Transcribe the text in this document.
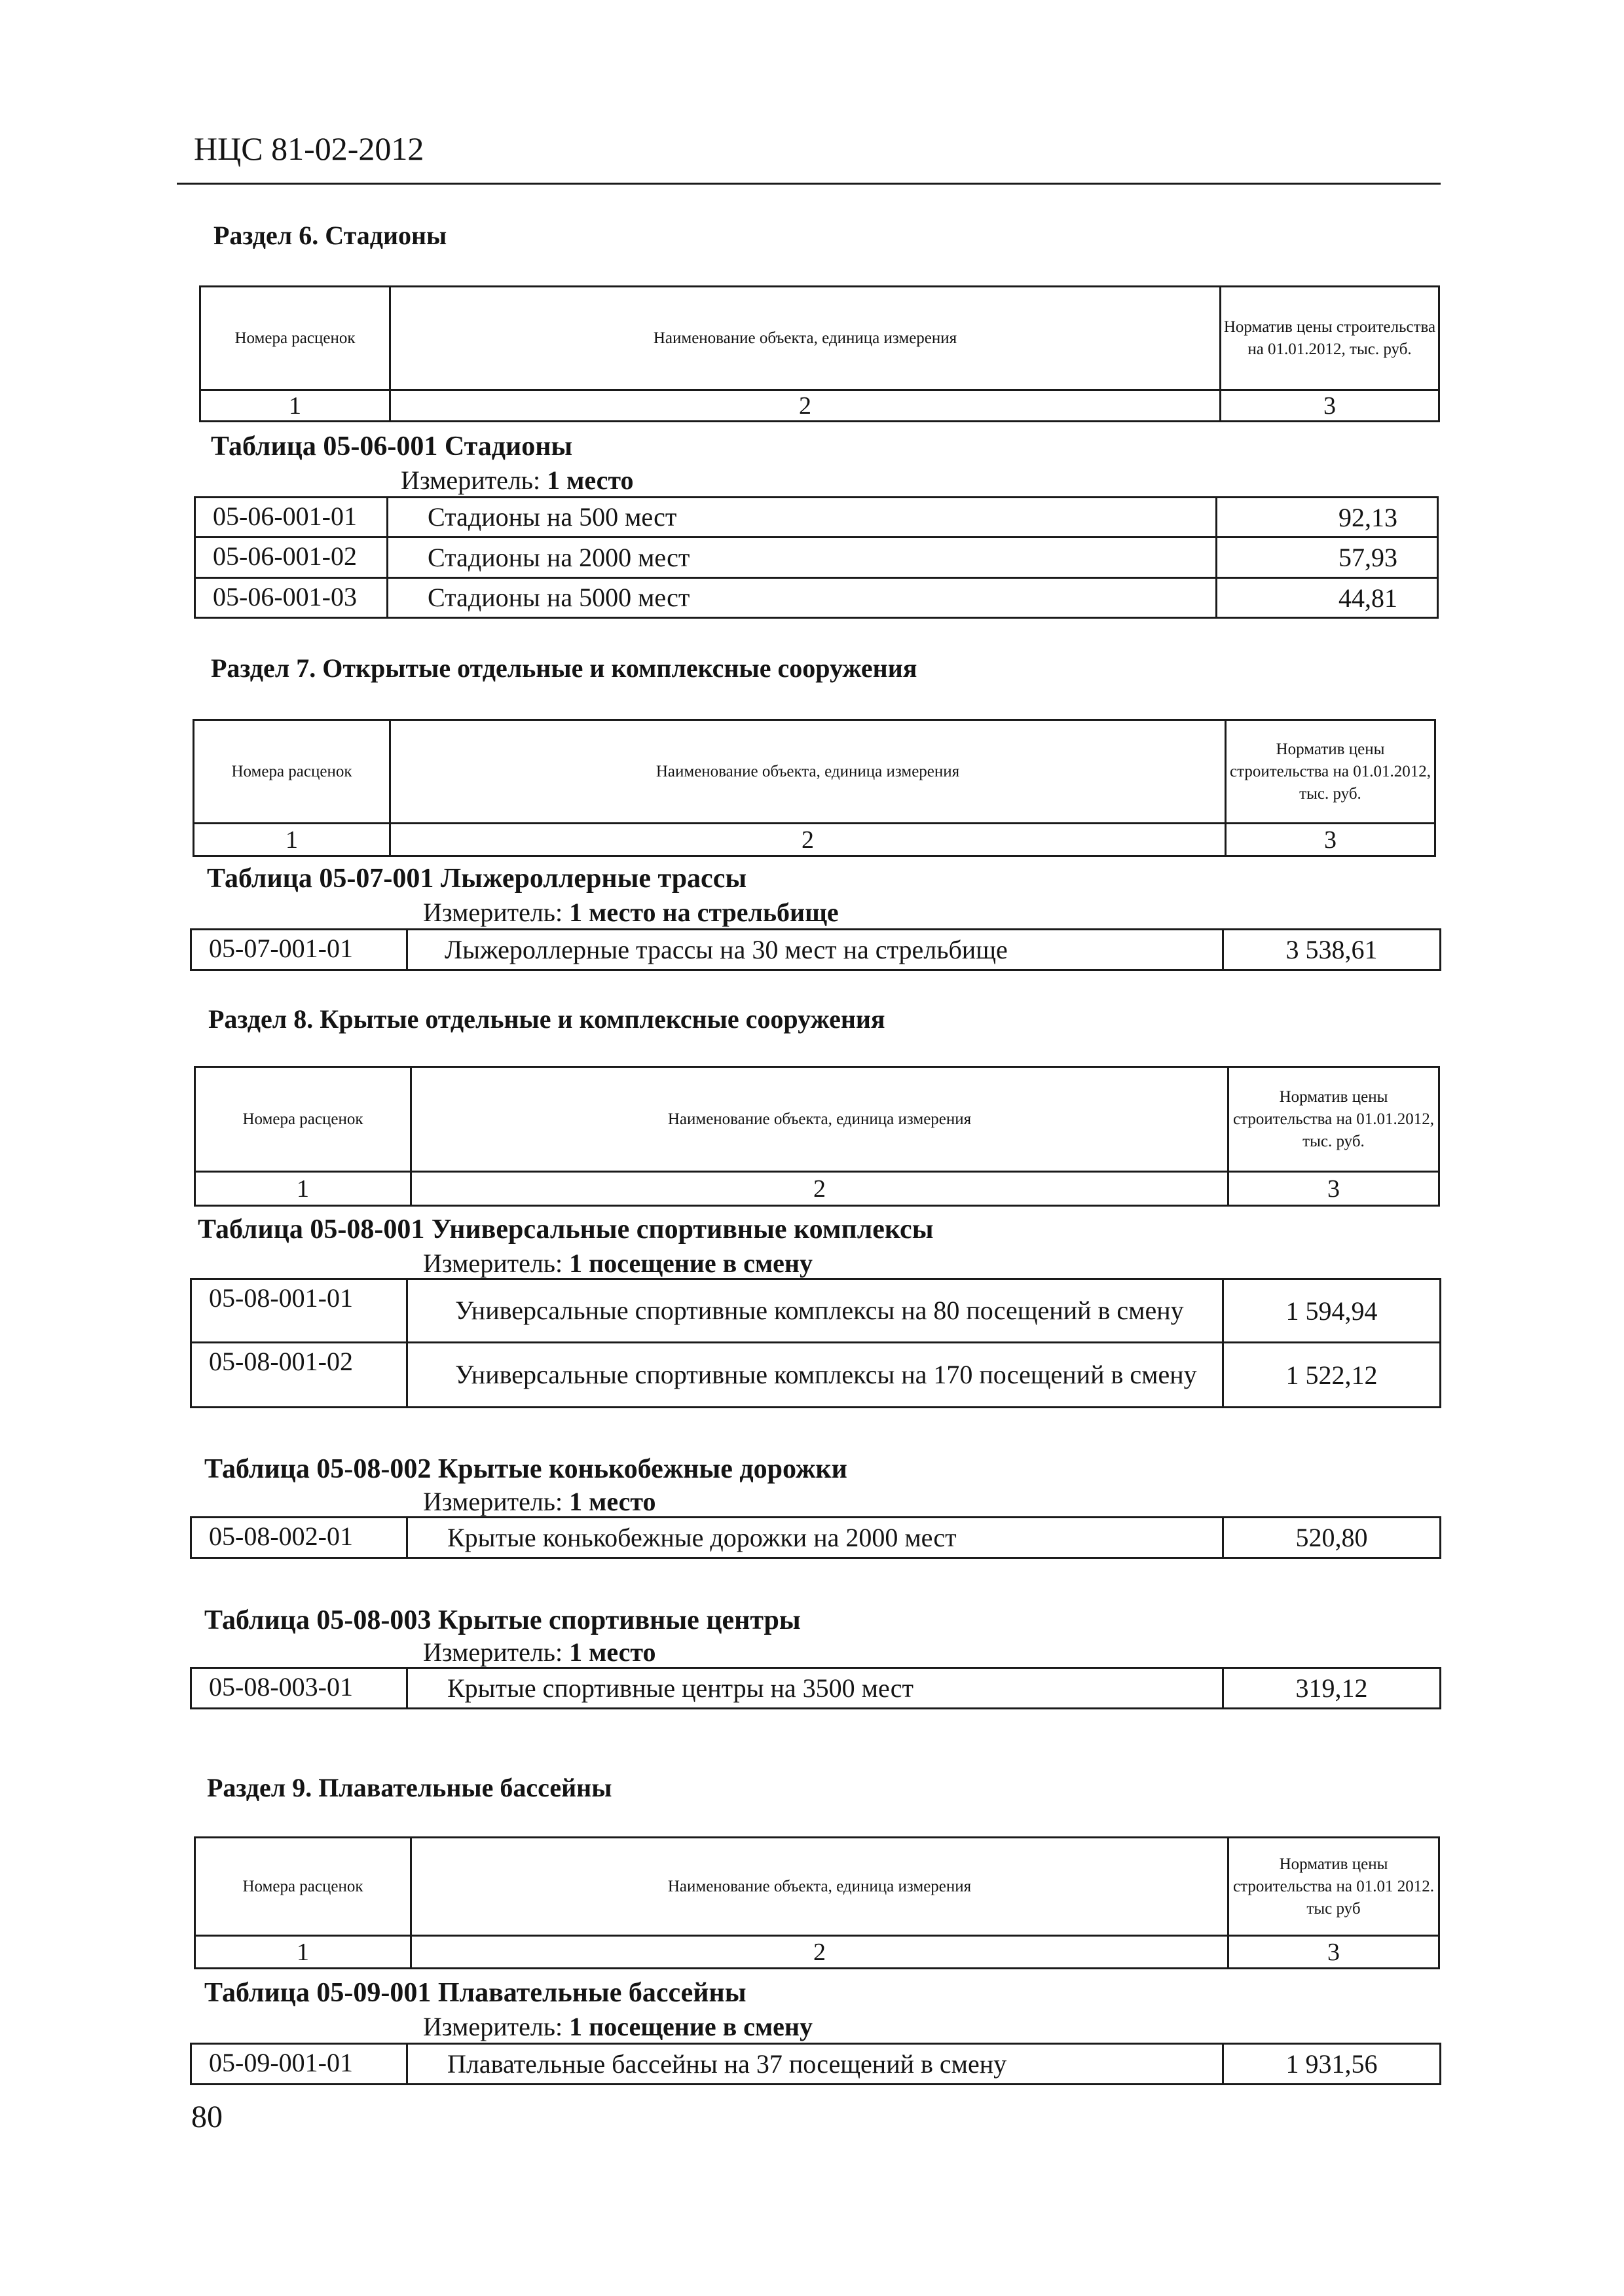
НЦС 81-02-2012
Раздел 6. Стадионы
Номера расценок	Наименование объекта, единица измерения	Норматив цены строительства на 01.01.2012, тыс. руб.
1	2	3
Таблица 05-06-001 Стадионы
Измеритель: 1 место
05-06-001-01	Стадионы на 500 мест	92,13
05-06-001-02	Стадионы на 2000 мест	57,93
05-06-001-03	Стадионы на 5000 мест	44,81
Раздел 7. Открытые отдельные и комплексные сооружения
Номера расценок	Наименование объекта, единица измерения	Норматив цены строительства на 01.01.2012, тыс. руб.
1	2	3
Таблица 05-07-001 Лыжероллерные трассы
Измеритель: 1 место на стрельбище
05-07-001-01	Лыжероллерные трассы на 30 мест на стрельбище	3 538,61
Раздел 8. Крытые отдельные и комплексные сооружения
Номера расценок	Наименование объекта, единица измерения	Норматив цены строительства на 01.01.2012, тыс. руб.
1	2	3
Таблица 05-08-001 Универсальные спортивные комплексы
Измеритель: 1 посещение в смену
05-08-001-01	Универсальные спортивные комплексы на 80 посещений в смену	1 594,94
05-08-001-02	Универсальные спортивные комплексы на 170 посещений в смену	1 522,12
Таблица 05-08-002 Крытые конькобежные дорожки
Измеритель: 1 место
05-08-002-01	Крытые конькобежные дорожки на 2000 мест	520,80
Таблица 05-08-003 Крытые спортивные центры
Измеритель: 1 место
05-08-003-01	Крытые спортивные центры на 3500 мест	319,12
Раздел 9. Плавательные бассейны
Номера расценок	Наименование объекта, единица измерения	Норматив цены строительства на 01.01 2012. тыс руб
1	2	3
Таблица 05-09-001 Плавательные бассейны
Измеритель: 1 посещение в смену
05-09-001-01	Плавательные бассейны на 37 посещений в смену	1 931,56
80
